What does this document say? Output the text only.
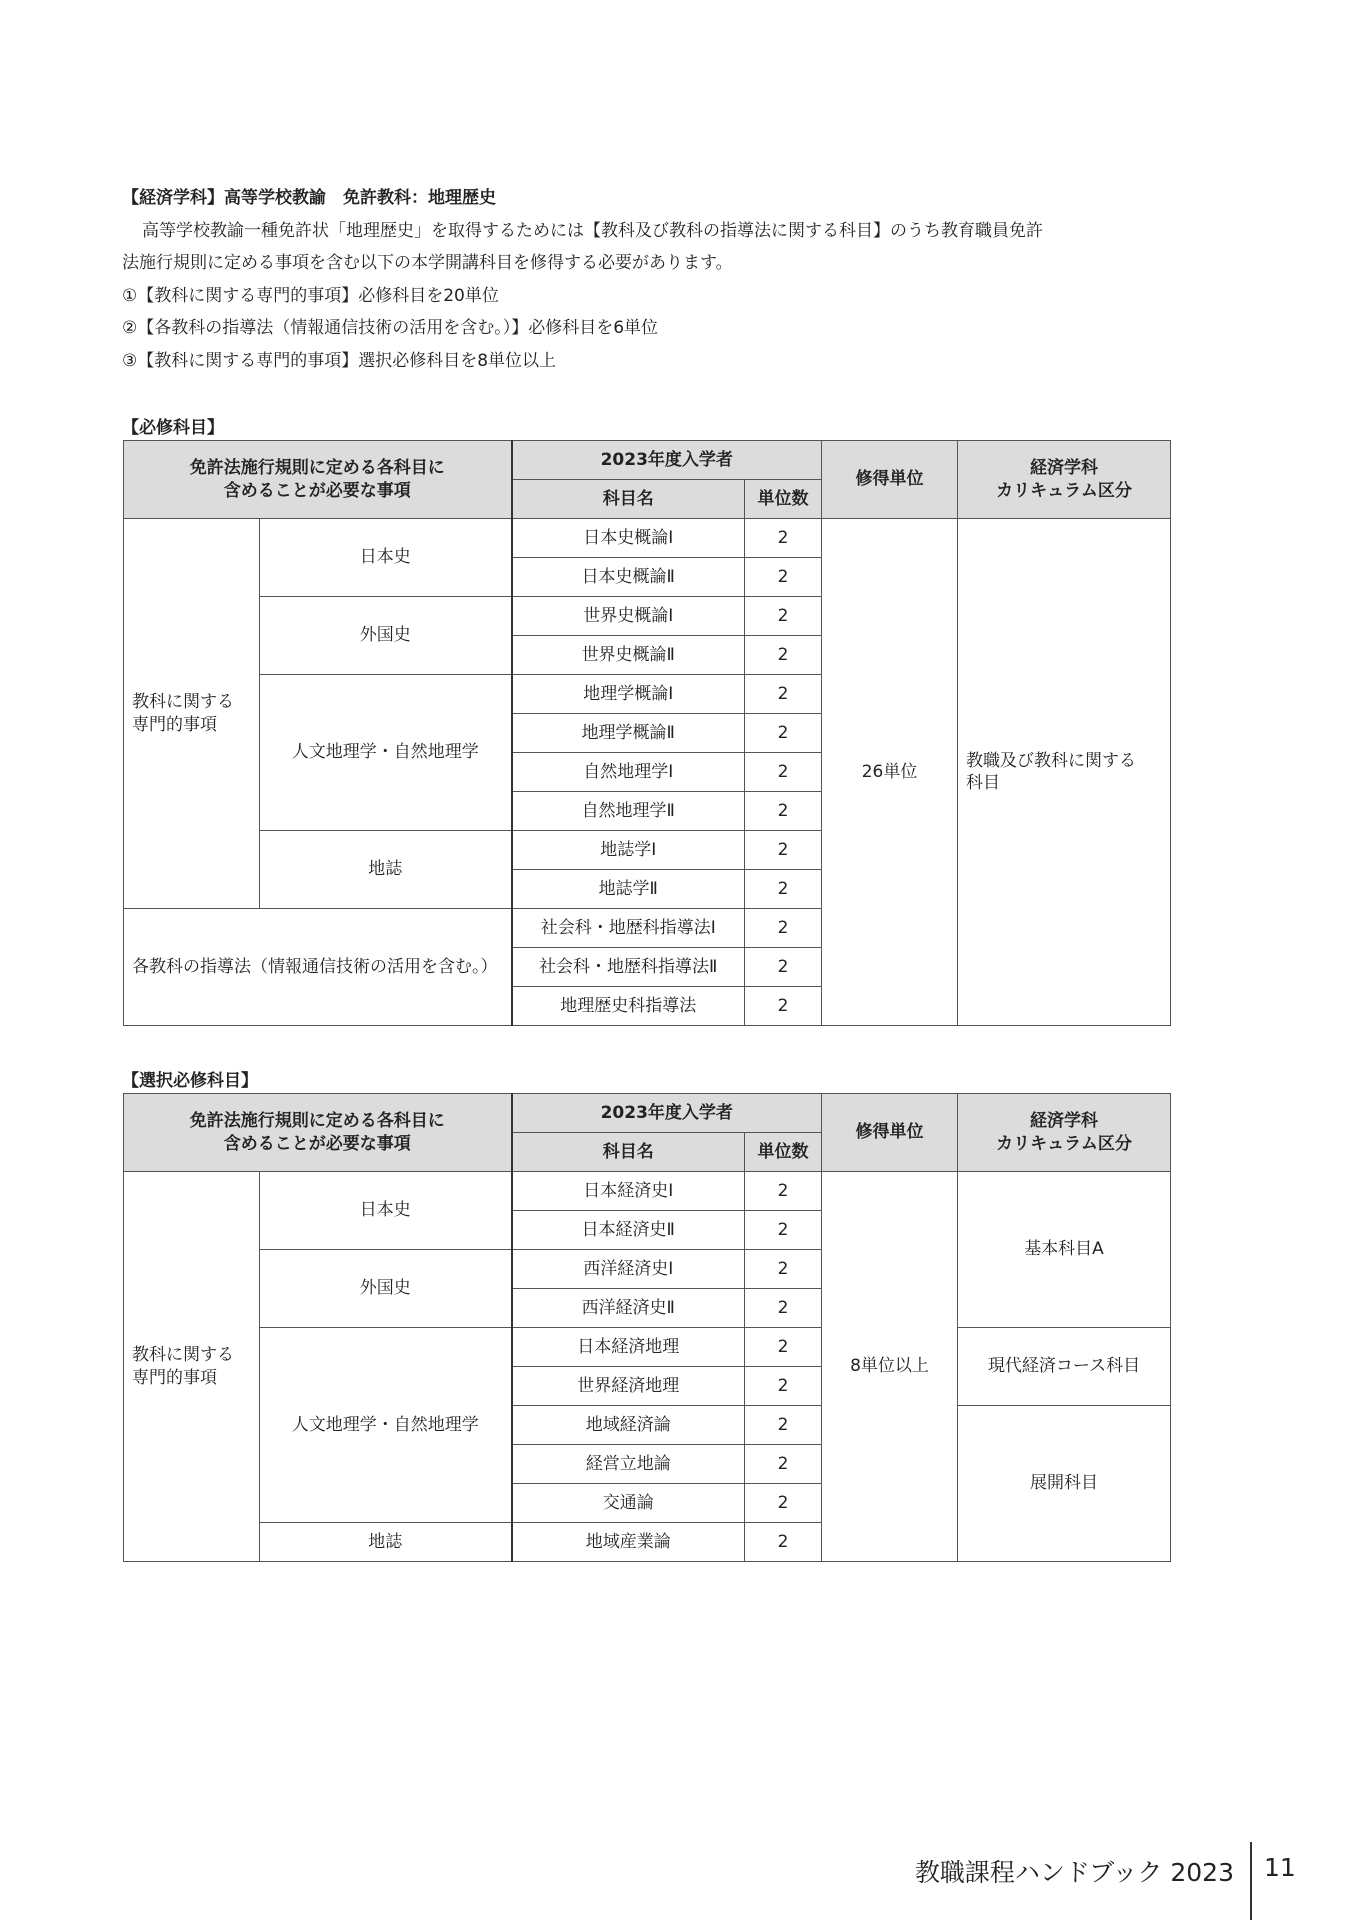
【経済学科】高等学校教諭　免許教科：地理歴史

高等学校教諭一種免許状「地理歴史」を取得するためには【教科及び教科の指導法に関する科目】のうち教育職員免許

法施行規則に定める事項を含む以下の本学開講科目を修得する必要があります。

①【教科に関する専門的事項】必修科目を20単位

②【各教科の指導法（情報通信技術の活用を含む。）】必修科目を6単位

③【教科に関する専門的事項】選択必修科目を8単位以上

【必修科目】
免許法施行規則に定める各科目に
含めることが必要な事項		2023年度入学者		修得単位	経済学科
カリキュラム区分
		科目名	単位数		
教科に関する
専門的事項	日本史	日本史概論Ⅰ	2	26単位	教職及び教科に関する
科目
		日本史概論Ⅱ	2		
	外国史	世界史概論Ⅰ	2		
		世界史概論Ⅱ	2		
	人文地理学・自然地理学	地理学概論Ⅰ	2		
		地理学概論Ⅱ	2		
		自然地理学Ⅰ	2		
		自然地理学Ⅱ	2		
	地誌	地誌学Ⅰ	2		
		地誌学Ⅱ	2		
各教科の指導法（情報通信技術の活用を含む。）		社会科・地歴科指導法Ⅰ	2		
		社会科・地歴科指導法Ⅱ	2		
		地理歴史科指導法	2		
【選択必修科目】
免許法施行規則に定める各科目に
含めることが必要な事項		2023年度入学者		修得単位	経済学科
カリキュラム区分
		科目名	単位数		
教科に関する
専門的事項	日本史	日本経済史Ⅰ	2	8単位以上	基本科目A
		日本経済史Ⅱ	2		
	外国史	西洋経済史Ⅰ	2		
		西洋経済史Ⅱ	2		
	人文地理学・自然地理学	日本経済地理	2		現代経済コース科目
		世界経済地理	2		
		地域経済論	2		展開科目
		経営立地論	2		
		交通論	2		
	地誌	地域産業論	2		
教職課程ハンドブック 2023 11
